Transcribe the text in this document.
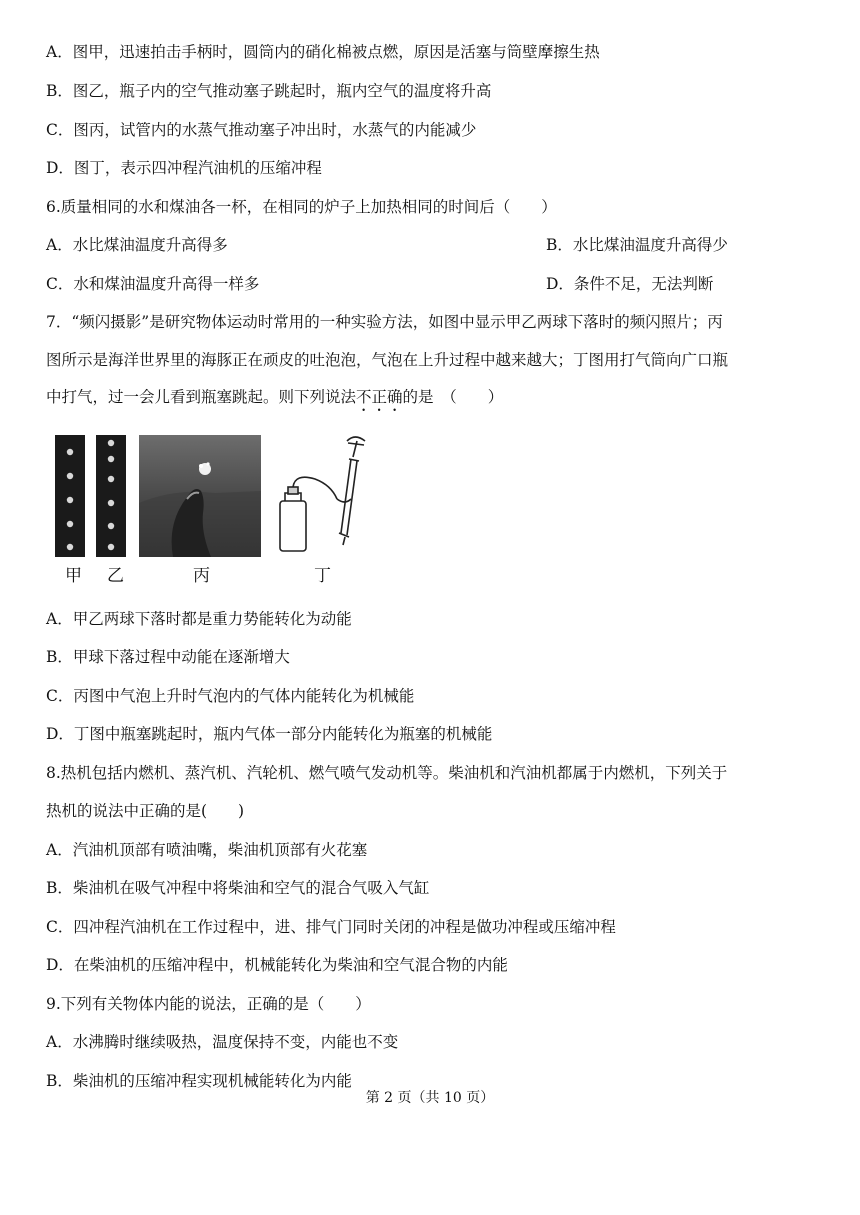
A．图甲，迅速拍击手柄时，圆筒内的硝化棉被点燃，原因是活塞与筒壁摩擦生热
B．图乙，瓶子内的空气推动塞子跳起时，瓶内空气的温度将升高
C．图丙，试管内的水蒸气推动塞子冲出时，水蒸气的内能减少
D．图丁，表示四冲程汽油机的压缩冲程
6.质量相同的水和煤油各一杯，在相同的炉子上加热相同的时间后（　　）
A．水比煤油温度升高得多	B．水比煤油温度升高得少
C．水和煤油温度升高得一样多	D．条件不足，无法判断
7．“频闪摄影”是研究物体运动时常用的一种实验方法，如图中显示甲乙两球下落时的频闪照片；丙
图所示是海洋世界里的海豚正在顽皮的吐泡泡，气泡在上升过程中越来越大；丁图用打气筒向广口瓶
中打气，过一会儿看到瓶塞跳起。则下列说法不正确的是　（　　）
甲 乙	丙	丁
A．甲乙两球下落时都是重力势能转化为动能
B．甲球下落过程中动能在逐渐增大
C．丙图中气泡上升时气泡内的气体内能转化为机械能
D．丁图中瓶塞跳起时，瓶内气体一部分内能转化为瓶塞的机械能
8.热机包括内燃机、蒸汽机、汽轮机、燃气喷气发动机等。柴油机和汽油机都属于内燃机，下列关于
热机的说法中正确的是(　　)
A．汽油机顶部有喷油嘴，柴油机顶部有火花塞
B．柴油机在吸气冲程中将柴油和空气的混合气吸入气缸
C．四冲程汽油机在工作过程中，进、排气门同时关闭的冲程是做功冲程或压缩冲程
D．在柴油机的压缩冲程中，机械能转化为柴油和空气混合物的内能
9.下列有关物体内能的说法，正确的是（　　）
A．水沸腾时继续吸热，温度保持不变，内能也不变
B．柴油机的压缩冲程实现机械能转化为内能
第 2 页（共 10 页）
